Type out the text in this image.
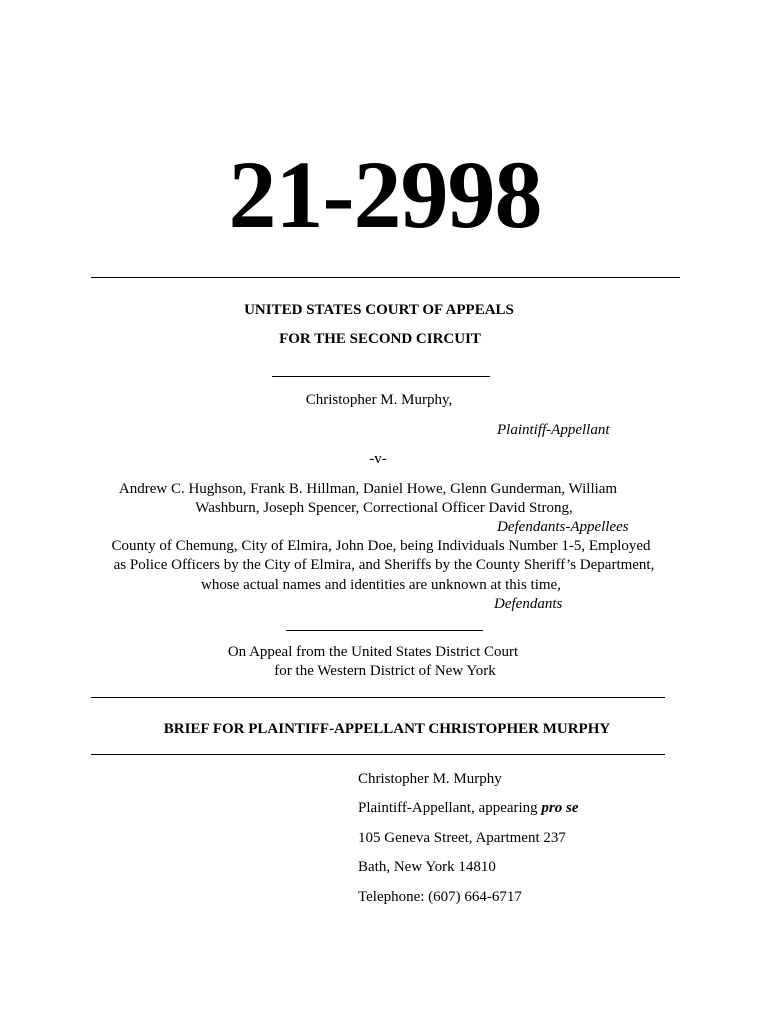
21-2998
UNITED STATES COURT OF APPEALS
FOR THE SECOND CIRCUIT
Christopher M. Murphy,
Plaintiff-Appellant
-v-
Andrew C. Hughson, Frank B. Hillman, Daniel Howe, Glenn Gunderman, William
Washburn, Joseph Spencer, Correctional Officer David Strong,
Defendants-Appellees
County of Chemung, City of Elmira, John Doe, being Individuals Number 1-5, Employed
as Police Officers by the City of Elmira, and Sheriffs by the County Sheriff’s Department,
whose actual names and identities are unknown at this time,
Defendants
On Appeal from the United States District Court
for the Western District of New York
BRIEF FOR PLAINTIFF-APPELLANT CHRISTOPHER MURPHY
Christopher M. Murphy
Plaintiff-Appellant, appearing pro se
105 Geneva Street, Apartment 237
Bath, New York 14810
Telephone: (607) 664-6717
